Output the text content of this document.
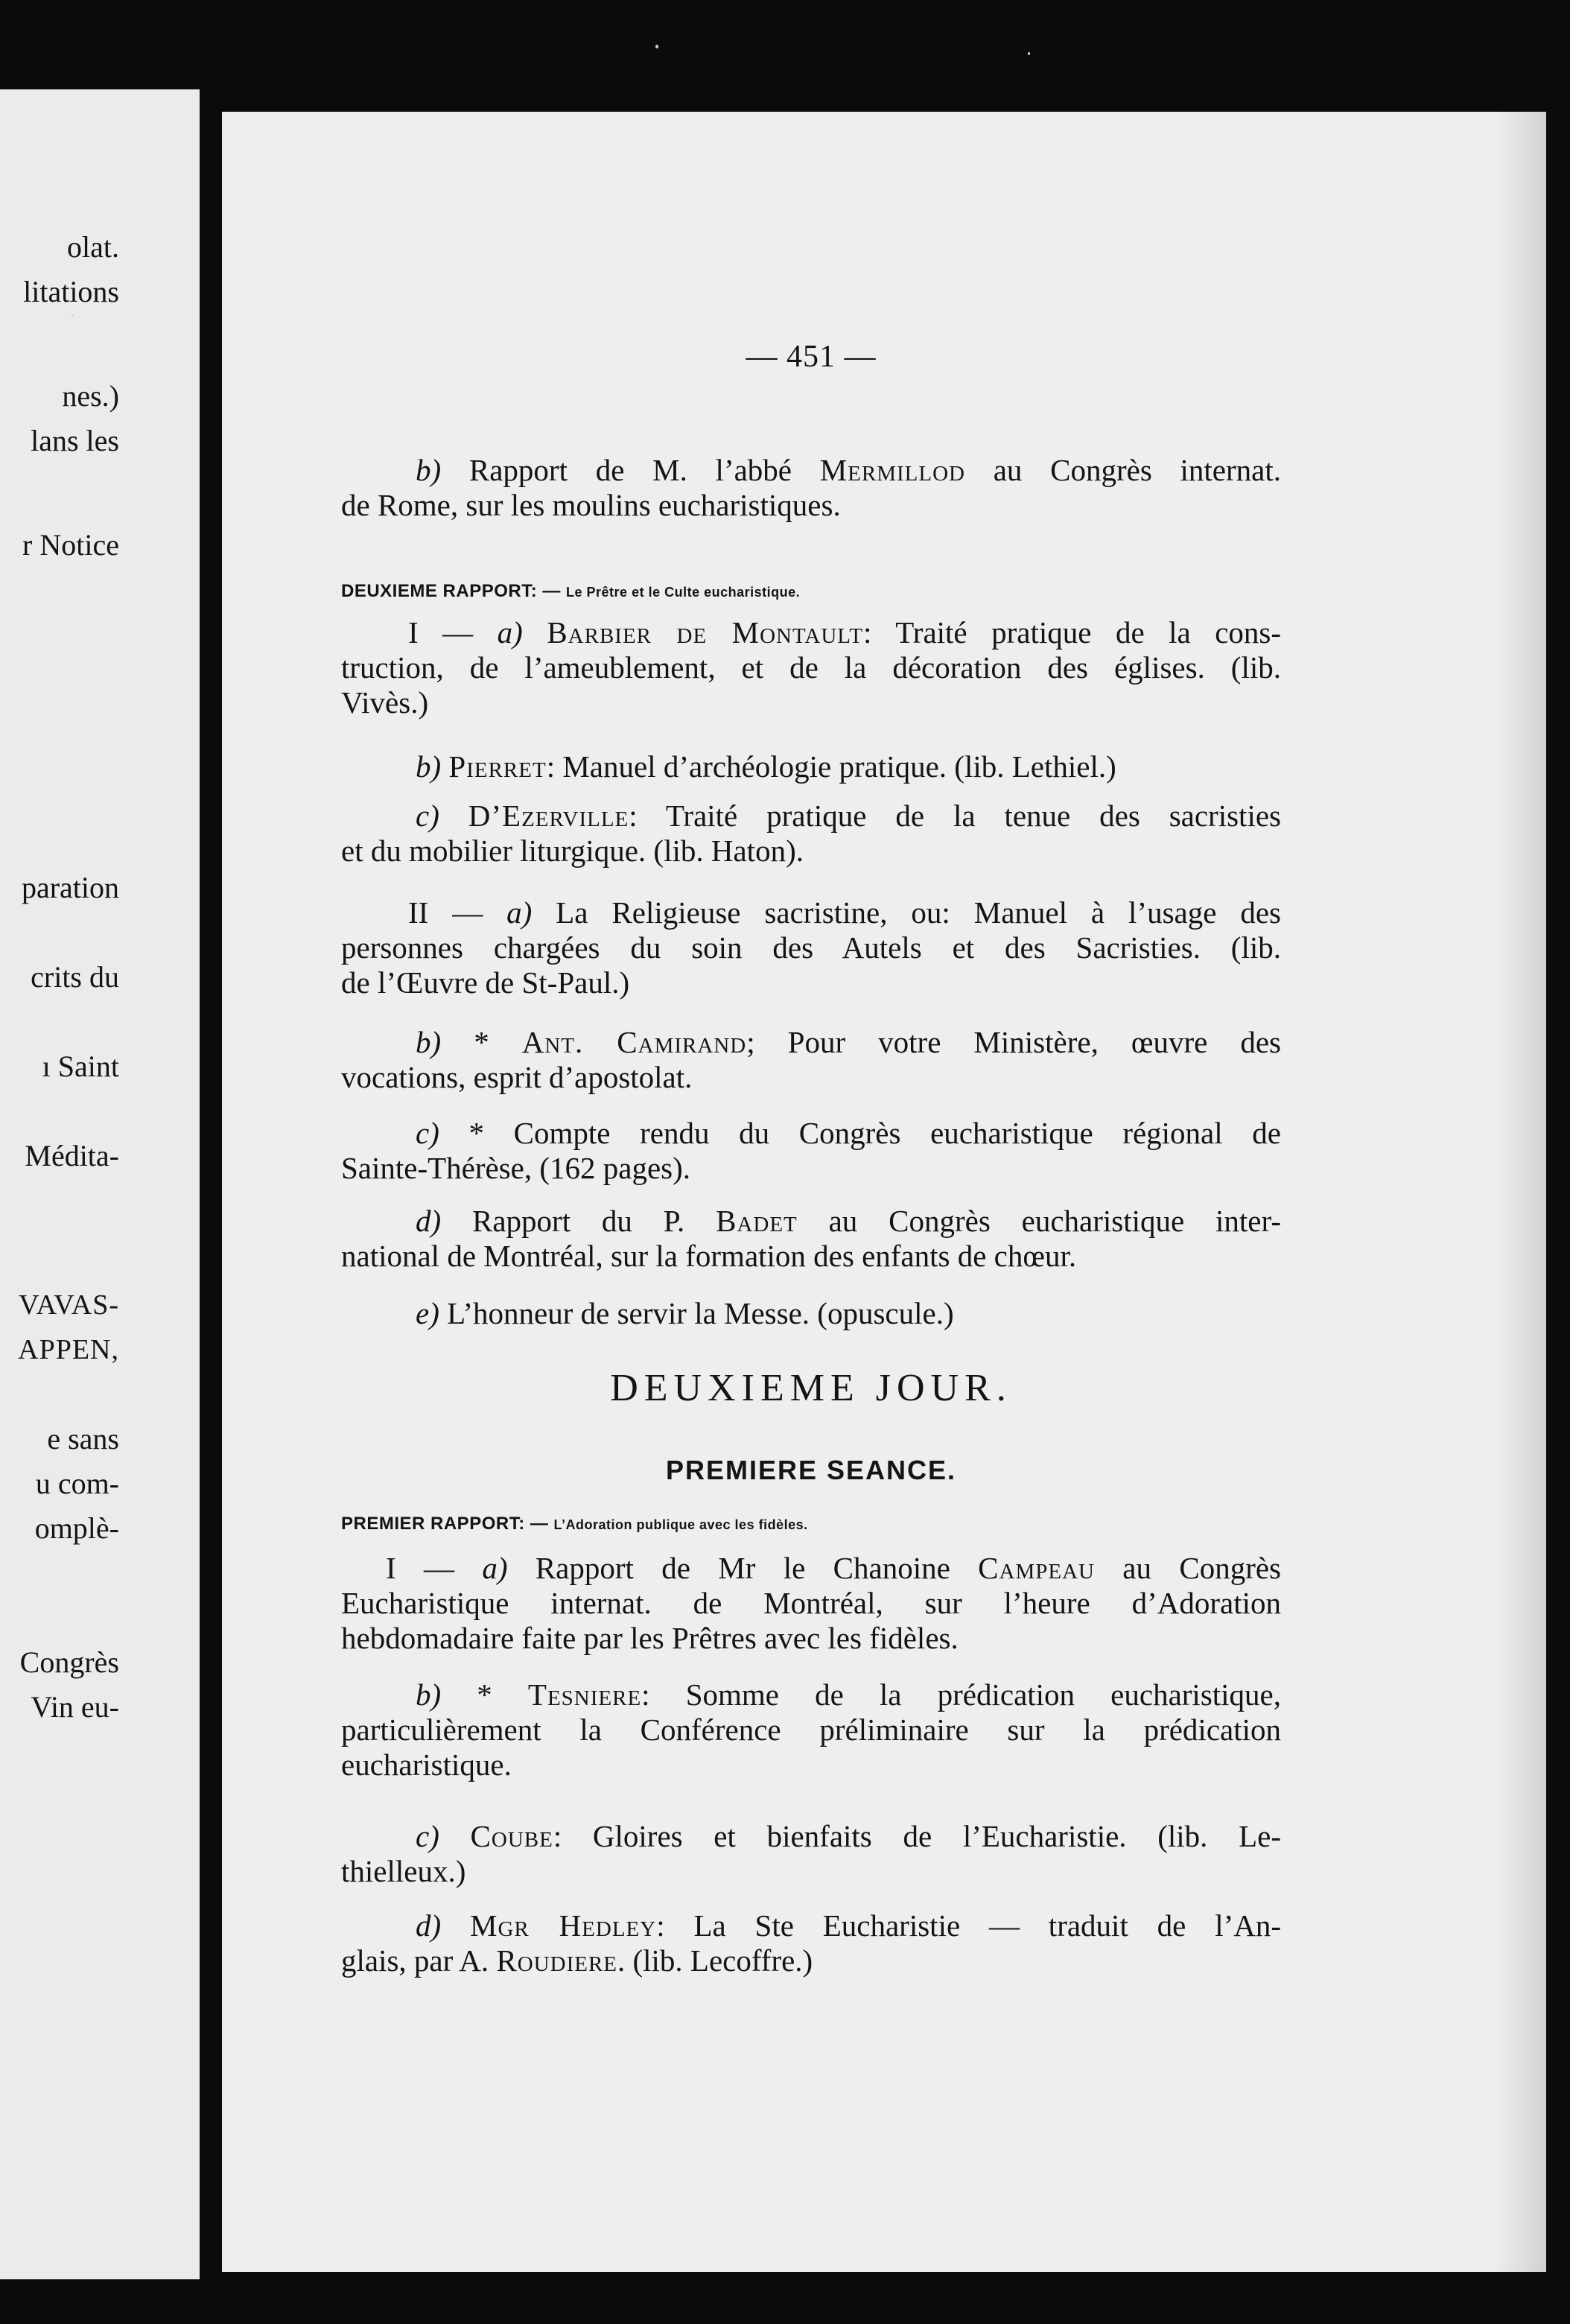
olat.
litations
nes.)
lans les
r Notice
paration
crits du
ı Saint
Médita-
VAVAS-
APPEN,
e sans
u com-
omplè-
Congrès
Vin eu-
— 451 —
b) Rapport de M. l’abbé Mermillod au Congrès internat.
de Rome, sur les moulins eucharistiques.
DEUXIEME RAPPORT: — Le Prêtre et le Culte eucharistique.
I — a) Barbier de Montault: Traité pratique de la cons-
truction, de l’ameublement, et de la décoration des églises. (lib.
Vivès.)
b) Pierret: Manuel d’archéologie pratique. (lib. Lethiel.)
c) D’Ezerville: Traité pratique de la tenue des sacristies
et du mobilier liturgique. (lib. Haton).
II — a) La Religieuse sacristine, ou: Manuel à l’usage des
personnes chargées du soin des Autels et des Sacristies. (lib.
de l’Œuvre de St-Paul.)
b) * Ant. Camirand; Pour votre Ministère, œuvre des
vocations, esprit d’apostolat.
c) * Compte rendu du Congrès eucharistique régional de
Sainte-Thérèse, (162 pages).
d) Rapport du P. Badet au Congrès eucharistique inter-
national de Montréal, sur la formation des enfants de chœur.
e) L’honneur de servir la Messe. (opuscule.)
DEUXIEME JOUR.
PREMIERE SEANCE.
PREMIER RAPPORT: — L’Adoration publique avec les fidèles.
I — a) Rapport de Mr le Chanoine Campeau au Congrès
Eucharistique internat. de Montréal, sur l’heure d’Adoration
hebdomadaire faite par les Prêtres avec les fidèles.
b) * Tesniere: Somme de la prédication eucharistique,
particulièrement la Conférence préliminaire sur la prédication
eucharistique.
c) Coube: Gloires et bienfaits de l’Eucharistie. (lib. Le-
thielleux.)
d) Mgr Hedley: La Ste Eucharistie — traduit de l’An-
glais, par A. Roudiere. (lib. Lecoffre.)
